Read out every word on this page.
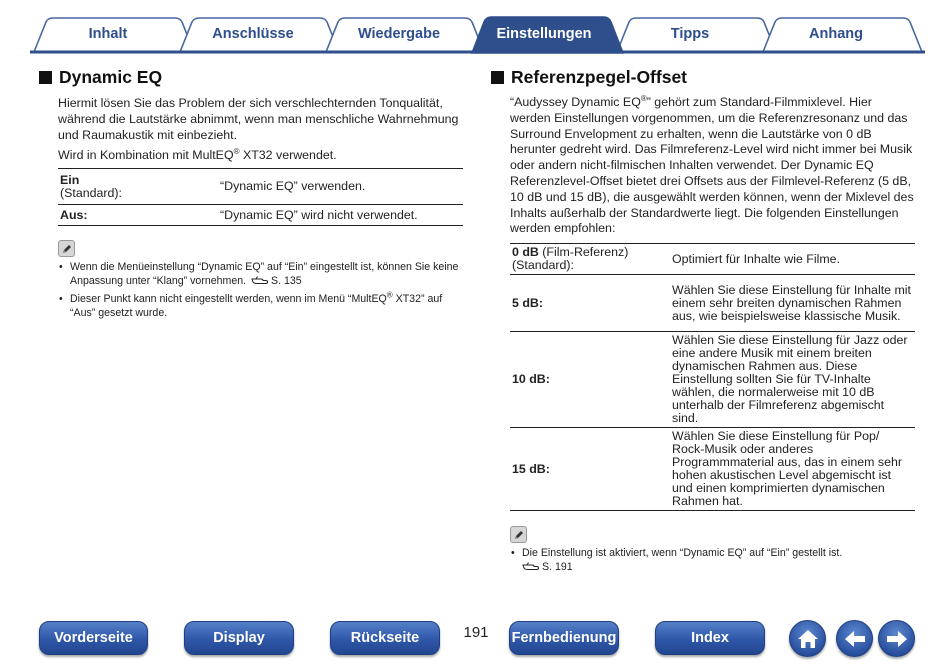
Inhalt	Anschlüsse	Wiedergabe	Einstellungen	Tipps	Anhang
Dynamic EQ

Hiermit lösen Sie das Problem der sich verschlechternden Tonqualität, während die Lautstärke abnimmt, wenn man menschliche Wahrnehmung und Raumakustik mit einbezieht.

Wird in Kombination mit MultEQ® XT32 verwendet.

Ein
(Standard):	“Dynamic EQ” verwenden.
Aus:	“Dynamic EQ” wird nicht verwendet.
• Wenn die Menüeinstellung “Dynamic EQ” auf “Ein” eingestellt ist, können Sie keine Anpassung unter “Klang” vornehmen. S. 135
• Dieser Punkt kann nicht eingestellt werden, wenn im Menü “MultEQ® XT32” auf “Aus” gesetzt wurde.
Referenzpegel-Offset

“Audyssey Dynamic EQ®” gehört zum Standard-Filmmixlevel. Hier werden Einstellungen vorgenommen, um die Referenzresonanz und das Surround Envelopment zu erhalten, wenn die Lautstärke von 0 dB herunter gedreht wird. Das Filmreferenz-Level wird nicht immer bei Musik oder andern nicht-filmischen Inhalten verwendet. Der Dynamic EQ Referenzlevel-Offset bietet drei Offsets aus der Filmlevel-Referenz (5 dB, 10 dB und 15 dB), die ausgewählt werden können, wenn der Mixlevel des Inhalts außerhalb der Standardwerte liegt. Die folgenden Einstellungen werden empfohlen:

0 dB (Film-Referenz)
(Standard):	Optimiert für Inhalte wie Filme.
5 dB:	Wählen Sie diese Einstellung für Inhalte mit einem sehr breiten dynamischen Rahmen aus, wie beispielsweise klassische Musik.
10 dB:	Wählen Sie diese Einstellung für Jazz oder eine andere Musik mit einem breiten dynamischen Rahmen aus. Diese Einstellung sollten Sie für TV-Inhalte wählen, die normalerweise mit 10 dB unterhalb der Filmreferenz abgemischt sind.
15 dB:	Wählen Sie diese Einstellung für Pop/ Rock-Musik oder anderes Programmmaterial aus, das in einem sehr hohen akustischen Level abgemischt ist und einen komprimierten dynamischen Rahmen hat.
• Die Einstellung ist aktiviert, wenn “Dynamic EQ” auf “Ein” gestellt ist.
S. 191
Vorderseite	Display	Rückseite	191	Fernbedienung	Index
